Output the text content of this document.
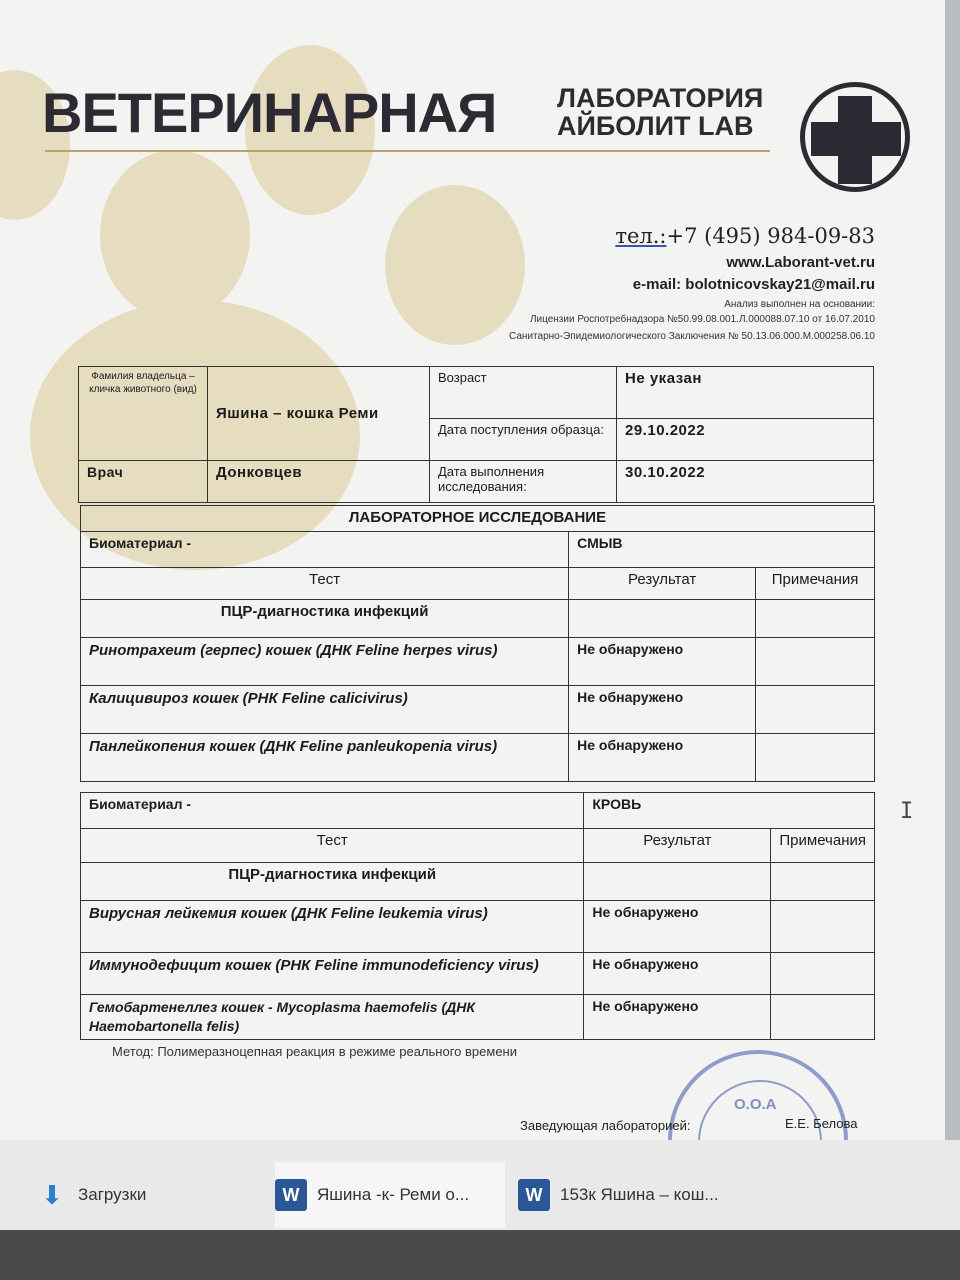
ВЕТЕРИНАРНАЯ ЛАБОРАТОРИЯ
АЙБОЛИТ LAB
тел.:+7 (495) 984-09-83
www.Laborant-vet.ru
e-mail: bolotnicovskay21@mail.ru
Анализ выполнен на основании:
Лицензии Роспотребнадзора №50.99.08.001.Л.000088.07.10 от 16.07.2010
Санитарно-Эпидемиологического Заключения № 50.13.06.000.М.000258.06.10
Фамилия владельца – кличка животного (вид)	Яшина – кошка Реми	Возраст	Не указан
		Дата поступления образца:	29.10.2022
Врач	Донковцев	Дата выполнения исследования:	30.10.2022
ЛАБОРАТОРНОЕ ИССЛЕДОВАНИЕ		
Биоматериал -	СМЫВ	
Тест	Результат	Примечания
ПЦР-диагностика инфекций		
Ринотрахеит (герпес) кошек (ДНК Feline herpes virus)	Не обнаружено	
Калицивироз кошек (РНК Feline calicivirus)	Не обнаружено	
Панлейкопения кошек (ДНК Feline panleukopenia virus)	Не обнаружено	
Биоматериал -	КРОВЬ	
Тест	Результат	Примечания
ПЦР-диагностика инфекций		
Вирусная лейкемия кошек (ДНК Feline leukemia virus)	Не обнаружено	
Иммунодефицит кошек (РНК Feline immunodeficiency virus)	Не обнаружено	
Гемобартенеллез кошек - Mycoplasma haemofelis (ДНК Haemobartonella felis)	Не обнаружено	
Метод: Полимеразноцепная реакция в режиме реального времени
О.О.А
Заведующая лабораторией:	Е.Е. Белова
I
⬇ Загрузки	W	Яшина -к- Реми о...	W	153к Яшина – кош...
